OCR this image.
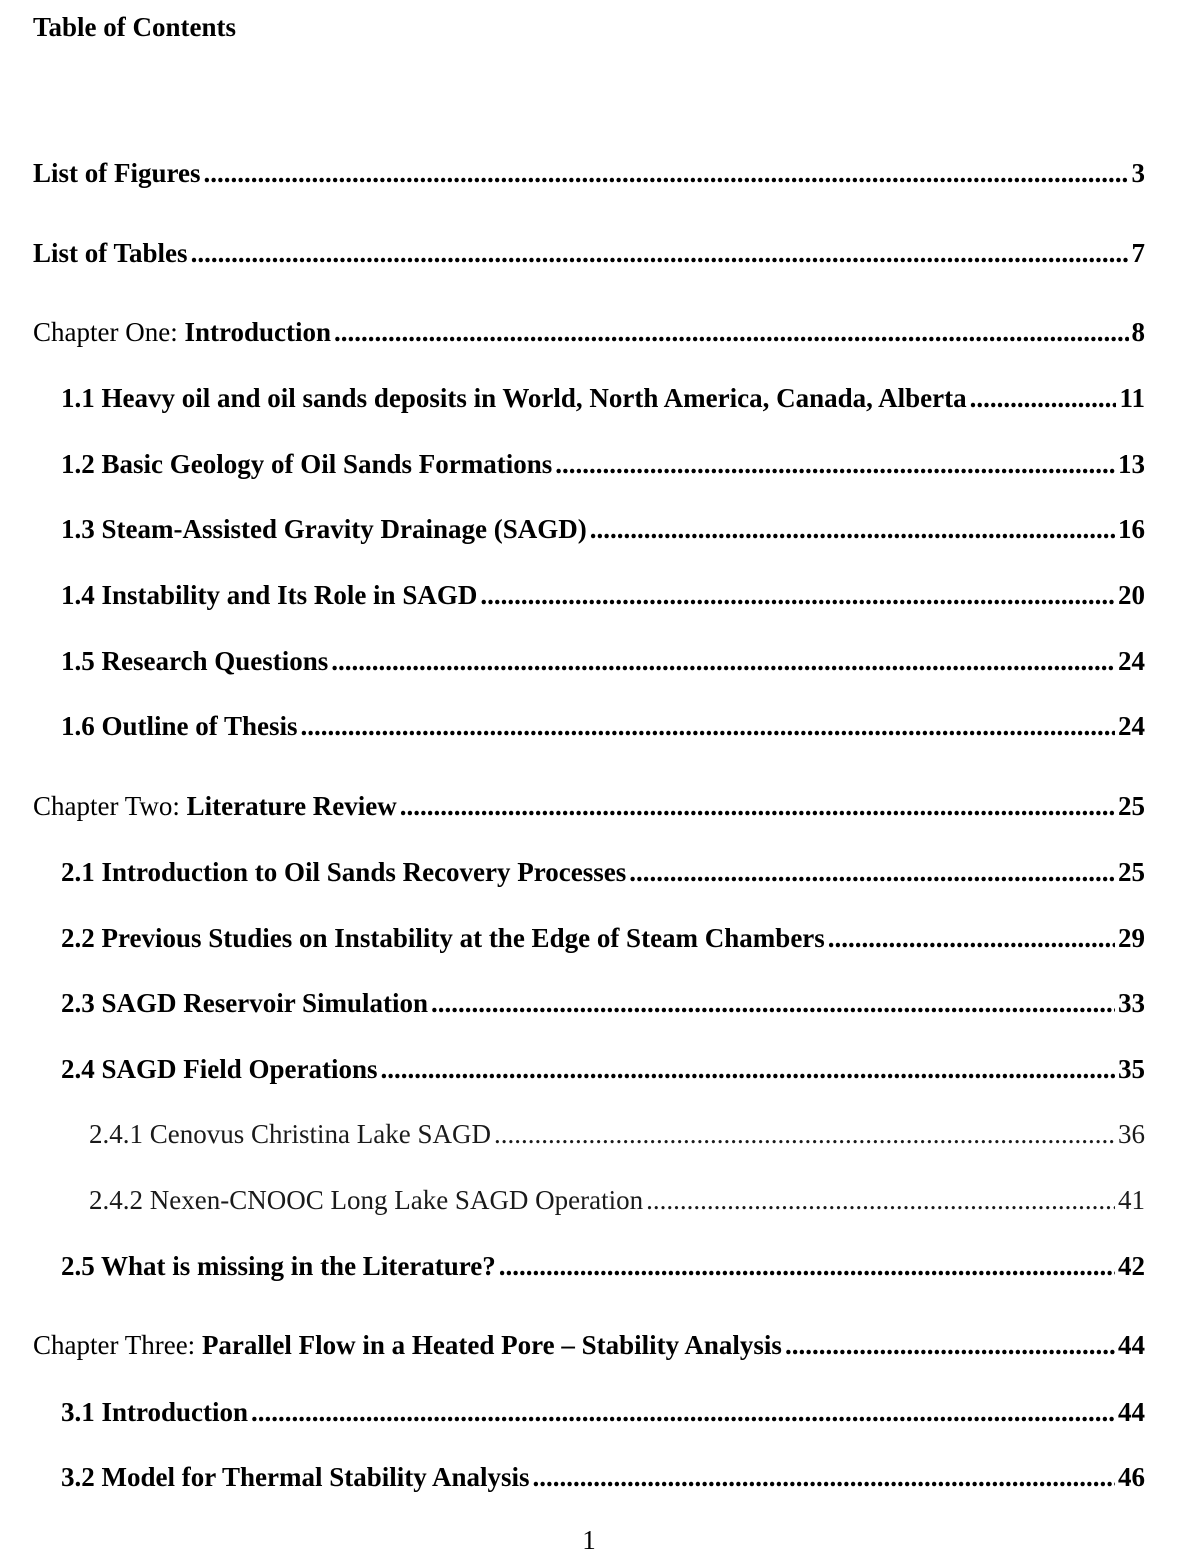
Table of Contents
List of Figures .....	3
List of Tables .....	7
Chapter One: Introduction .....	8
1.1 Heavy oil and oil sands deposits in World, North America, Canada, Alberta .....	11
1.2 Basic Geology of Oil Sands Formations .....	13
1.3 Steam-Assisted Gravity Drainage (SAGD) .....	16
1.4 Instability and Its Role in SAGD .....	20
1.5 Research Questions .....	24
1.6 Outline of Thesis .....	24
Chapter Two: Literature Review .....	25
2.1 Introduction to Oil Sands Recovery Processes .....	25
2.2 Previous Studies on Instability at the Edge of Steam Chambers .....	29
2.3 SAGD Reservoir Simulation .....	33
2.4 SAGD Field Operations .....	35
2.4.1 Cenovus Christina Lake SAGD .....	36
2.4.2 Nexen-CNOOC Long Lake SAGD Operation .....	41
2.5 What is missing in the Literature? .....	42
Chapter Three: Parallel Flow in a Heated Pore – Stability Analysis .....	44
3.1 Introduction .....	44
3.2 Model for Thermal Stability Analysis .....	46
1
